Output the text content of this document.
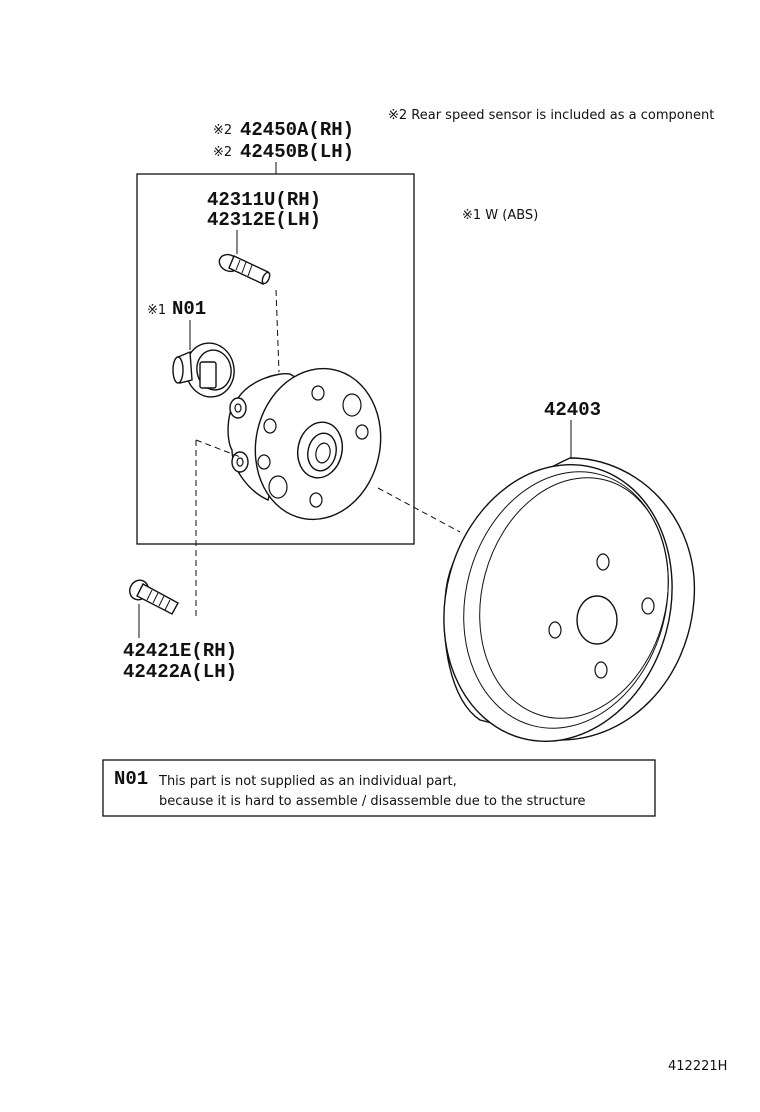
※2 Rear speed sensor is included as a component
※2 42450A(RH)
※2 42450B(LH)
42311U(RH)
42312E(LH)
※1 N01
42421E(RH)
42422A(LH)
※1 W (ABS)
42403
N01 This part is not supplied as an individual part,
because it is hard to assemble / disassemble due to the structure
412221H
